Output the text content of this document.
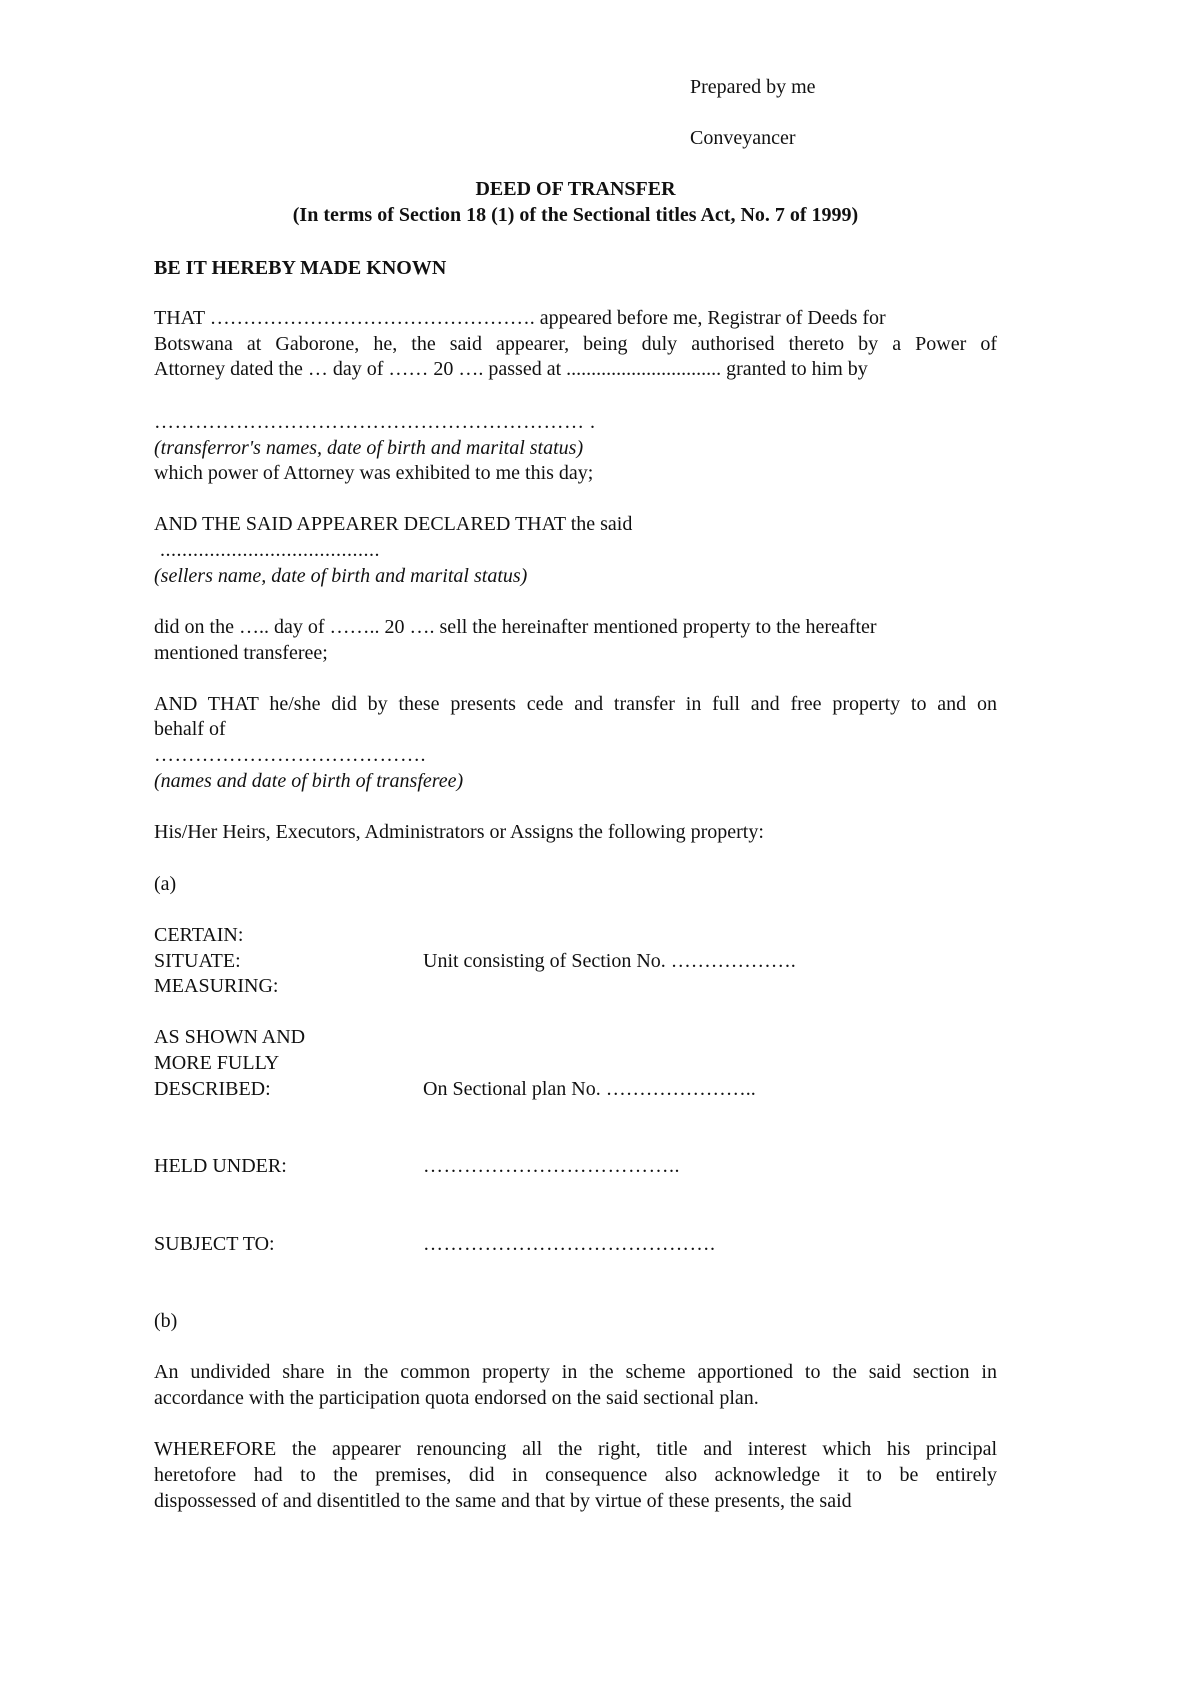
Prepared by me
Conveyancer
DEED OF TRANSFER
(In terms of Section 18 (1) of the Sectional titles Act, No. 7 of 1999)
BE IT HEREBY MADE KNOWN
THAT …………………………………………. appeared before me, Registrar of Deeds for
Botswana at Gaborone, he, the said appearer, being duly authorised thereto by a Power of
Attorney dated the … day of …… 20 …. passed at ............................... granted to him by
……………………………………………………… .
(transferror's names, date of birth and marital status)
which power of Attorney was exhibited to me this day;
AND THE SAID APPEARER DECLARED THAT the said
........................................
(sellers name, date of birth and marital status)
did on the ….. day of …….. 20 …. sell the hereinafter mentioned property to the hereafter
mentioned transferee;
AND THAT he/she did by these presents cede and transfer in full and free property to and on
behalf of
………………………………….
(names and date of birth of transferee)
His/Her Heirs, Executors, Administrators or Assigns the following property:
(a)
CERTAIN:
SITUATE:	Unit consisting of Section No. ……………….
MEASURING:
AS SHOWN AND
MORE FULLY
DESCRIBED:	On Sectional plan No. …………………..
HELD UNDER:	………………………………..
SUBJECT TO:	…………………………………….
(b)
An undivided share in the common property in the scheme apportioned to the said section in
accordance with the participation quota endorsed on the said sectional plan.
WHEREFORE the appearer renouncing all the right, title and interest which his principal
heretofore had to the premises, did in consequence also acknowledge it to be entirely
dispossessed of and disentitled to the same and that by virtue of these presents, the said
